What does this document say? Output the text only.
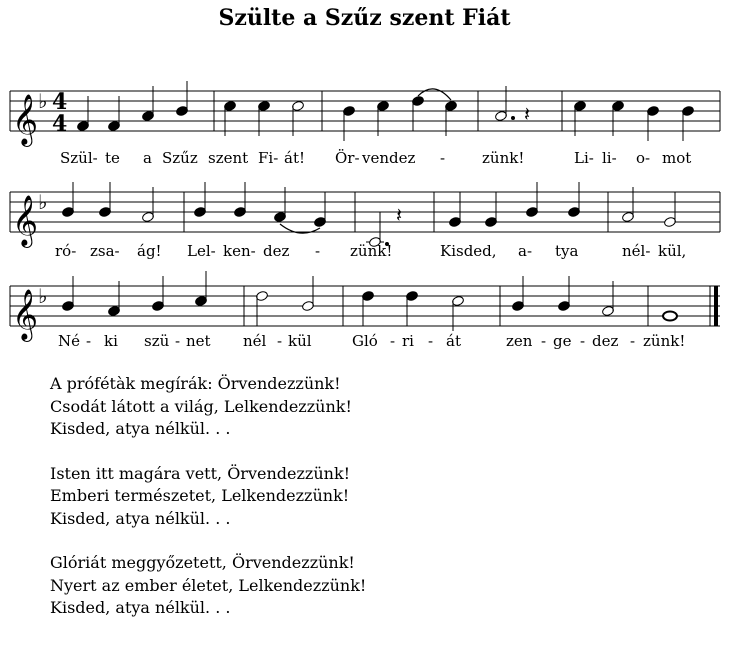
Szülte a Szűz szent Fiát
𝄞 ♭ 4
4	𝄽
Szül- te a Szűz szent Fi- át! Ör- vendez - zünk!	Li- li- o- mot
𝄞 ♭
𝄽
ró- zsa- ág! Lel- ken- dez - zünk!	Kisded, a- tya	nél- kül,
𝄞 ♭
Né - ki szü - net nél - kül	Gló - ri - át	zen - ge - dez - zünk!
A prófétàk megírák: Örvendezzünk!
Csodát látott a világ, Lelkendezzünk!
Kisded, atya nélkül. . .
Isten itt magára vett, Örvendezzünk!
Emberi természetet, Lelkendezzünk!
Kisded, atya nélkül. . .
Glóriát meggyőzetett, Örvendezzünk!
Nyert az ember életet, Lelkendezzünk!
Kisded, atya nélkül. . .
